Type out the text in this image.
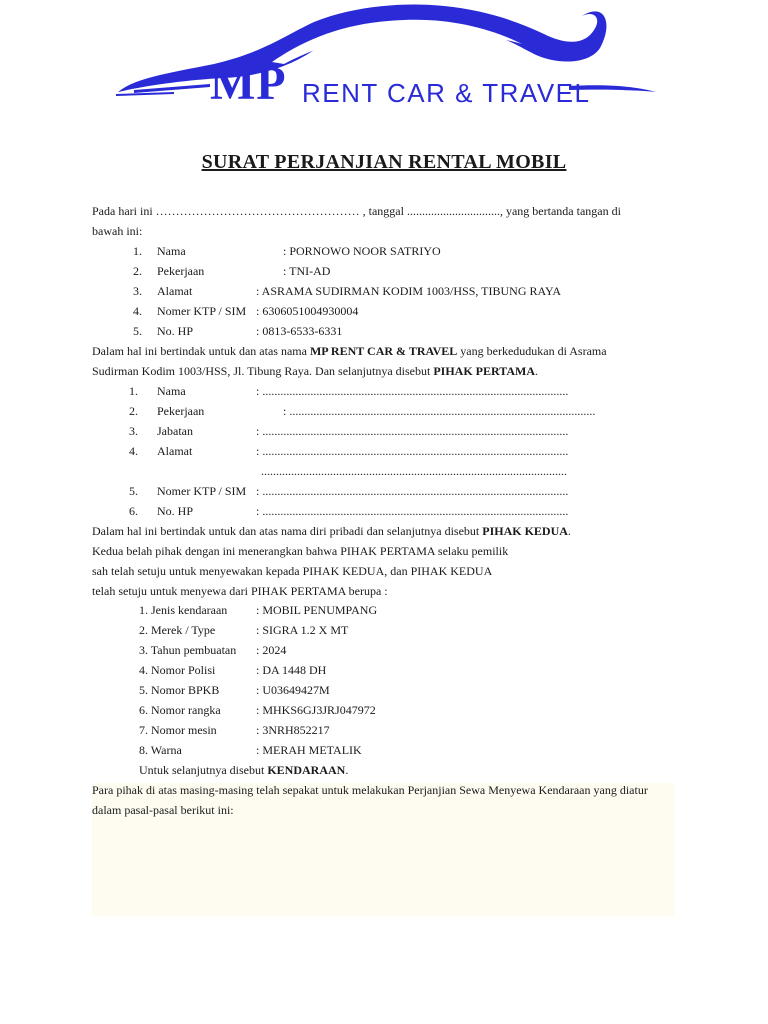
MP RENT CAR & TRAVEL
SURAT PERJANJIAN RENTAL MOBIL
Pada hari ini …………………………………………… , tanggal ..............................., yang bertanda tangan di
bawah ini:
1. Nama	: PORNOWO NOOR SATRIYO
2. Pekerjaan	: TNI-AD
3. Alamat	: ASRAMA SUDIRMAN KODIM 1003/HSS, TIBUNG RAYA
4. Nomer KTP / SIM : 6306051004930004
5. No. HP	: 0813-6533-6331
Dalam hal ini bertindak untuk dan atas nama MP RENT CAR & TRAVEL yang berkedudukan di Asrama
Sudirman Kodim 1003/HSS, Jl. Tibung Raya. Dan selanjutnya disebut PIHAK PERTAMA.
1. Nama	: ......................................................................................................
2. Pekerjaan	: ......................................................................................................
3. Jabatan	: ......................................................................................................
4. Alamat	: ......................................................................................................
......................................................................................................
5. Nomer KTP / SIM : ......................................................................................................
6. No. HP	: ......................................................................................................
Dalam hal ini bertindak untuk dan atas nama diri pribadi dan selanjutnya disebut PIHAK KEDUA.
Kedua belah pihak dengan ini menerangkan bahwa PIHAK PERTAMA selaku pemilik
sah telah setuju untuk menyewakan kepada PIHAK KEDUA, dan PIHAK KEDUA
telah setuju untuk menyewa dari PIHAK PERTAMA berupa :
1. Jenis kendaraan : MOBIL PENUMPANG
2. Merek / Type	: SIGRA 1.2 X MT
3. Tahun pembuatan : 2024
4. Nomor Polisi	: DA 1448 DH
5. Nomor BPKB	: U03649427M
6. Nomor rangka	: MHKS6GJ3JRJ047972
7. Nomor mesin	: 3NRH852217
8. Warna	: MERAH METALIK
Untuk selanjutnya disebut KENDARAAN.
Para pihak di atas masing-masing telah sepakat untuk melakukan Perjanjian Sewa Menyewa Kendaraan yang diatur
dalam pasal-pasal berikut ini:
